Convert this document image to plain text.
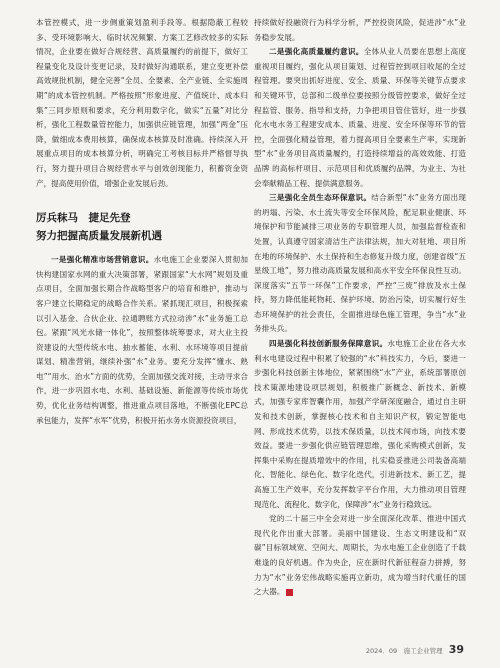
本管控模式，进一步侧重策划盈利手段等。根据隐蔽工程较多、受环境影响大、临时状况频繁、方案工艺修改较多的实际情况，企业要在做好合规经营、高质量履约的前提下，做好工程量变化及设计变更记录，及时做好沟通联系，建立变更补偿高效规批机制，健全完善“全员、全要素、全产业链、全实施周期”的成本管控机制。严格按照“形象进度、产值统计、成本归集”三同步原则和要求，充分利用数字化，做实“五量”对比分析，强化工程数量管控能力，加强供应链管理，加强“两金”压降，做细成本费用核算，确保成本核算及时准确。持续深入开展重点项目的成本核算分析，明确完工考核目标并严格督导执行，努力提升项目合规经营水平与创效创现能力，积蓄资金资产，提高使用价值，增强企业发展后劲。

厉兵秣马　捷足先登
努力把握高质量发展新机遇

一是强化精准市场营销意识。水电施工企业要深入贯彻加快构建国家水网的重大决策部署，紧跟国家“大水网”规划及重点项目，全面加强长期合作战略型客户的培育和维护，推动与客户建立长期稳定的战略合作关系。紧抓现汇项目，积极探索以引入基金、合伙企业、拉通聘账方式拉动涉“水”业务施工总包。紧跟“风光水储一体化”，按照整体统筹要求，对大业主投资建设的大型传统水电、抽水蓄能、水利、水环境等项目提前谋划、精准营销，继续补强“水”业务。要充分发挥“懂水、熟电”“用水、治水”方面的优势，全面加强交流对接，主动寻求合作，进一步巩固水电、水利、基础设施、新能源等传统市场优势，优化业务结构调整，推进重点项目落地，不断强化EPC总承包能力，发挥“水军”优势，积极开拓水务水资源投资项目，

持续做好投融资行为科学分析，严控投资风险，促进涉“水”业务稳步发展。

二是强化高质量履约意识。全体从业人员要在思想上高度重视项目履约，强化从项目策划、过程管控到项目收尾的全过程管理。要突出抓好进度、安全、质量、环保等关键节点要求和关键环节，总部和二级单位要按照分级管控要求，做好全过程监管、服务、指导和支持，力争把项目管住管好，进一步强化水电水务工程建安成本、质量、进度、安全环保等环节的管控，全面强化精益管理，着力提高项目全要素生产率，实现新型“水”业务项目高质量履约，打造持续增益的高效效能、打造品牌 的高标杆项目、示范项目和优质履约品牌，为业主、为社会奉献精品工程、提供满意服务。

三是强化全员生态环保意识。结合新型“水”业务方面出现的坍塌、污染、水土流失等安全环保风险，配足职业健康、环境保护和节能减排三项业务的专职管理人员，加强监督检查和处置，认真遵守国家清洁生产法律法规，加大对驻地、项目所在地的环境保护、水土保持和生态修复升级力度，创建省级“五星级工地”，努力推动高质量发展和高水平安全环保良性互动。深度落实“五节一环保”工作要求，严控“三废”排放及水土保持，努力降低能耗物耗、保护环境、防治污染，切实履行好生态环境保护的社会责任，全面推进绿色施工管理，争当“水”业务排头兵。

四是强化科技创新服务保障意识。水电施工企业在各大水利水电建设过程中积累了较强的“水”科技实力，今后，要进一步强化科技创新主体地位，紧紧围绕“水”产业，系统部署原创技术策源地建设项层规划，积极推广新概念、新技术、新模式，加强专家库智囊作用，加强产学研深度融合，通过自主研发和技术创新，掌握核心技术和自主知识产权，锻定智能电网、形成技术优势，以技术保质量，以技术闯市场，向技术要效益。要进一步强化供应链管理思维，强化采购模式创新，发挥集中采购在提质增效中的作用，扎实稳妥推进公司装备高端化、智能化、绿色化、数字化迭代，引进新技术、新工艺，提高施工生产效率，充分发挥数字平台作用，大力推动项目管理现范化、流程化、数字化，保障涉“水”业务行稳致远。

党的二十届三中全会对进一步全面深化改革、推进中国式现代化作出重大部署。美丽中国建设、生态文明建设和“双碳”目标领域宽、空间大、周期长，为水电施工企业创造了千载难逢的良好机遇。作为央企，应在新时代新征程奋力拼搏，努力为“水”业务宏伟战略实施再立新功，成为增当时代重任的国之大器。

2024．09　施工企业管理 39
